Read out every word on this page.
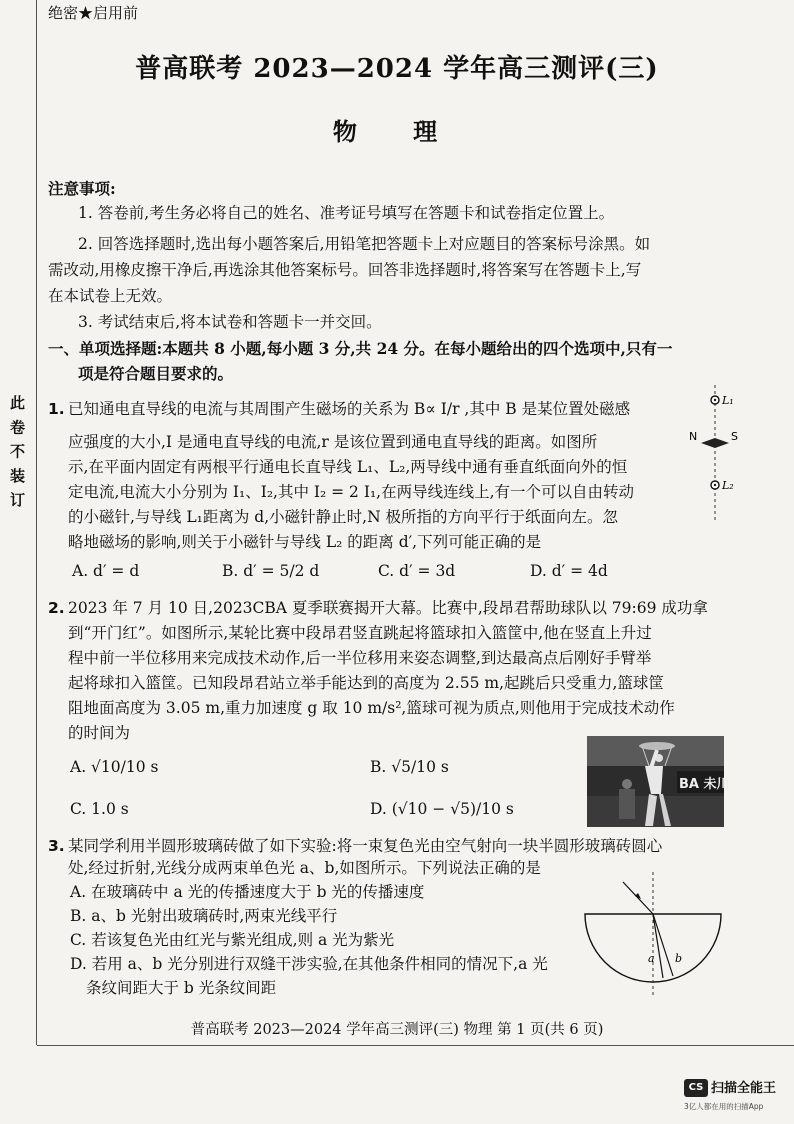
此 卷 不 装 订
绝密★启用前
普高联考 2023—2024 学年高三测评(三)
物 理
注意事项:
1. 答卷前,考生务必将自己的姓名、准考证号填写在答题卡和试卷指定位置上。
2. 回答选择题时,选出每小题答案后,用铅笔把答题卡上对应题目的答案标号涂黑。如
需改动,用橡皮擦干净后,再选涂其他答案标号。回答非选择题时,将答案写在答题卡上,写
在本试卷上无效。
3. 考试结束后,将本试卷和答题卡一并交回。
一、单项选择题:本题共 8 小题,每小题 3 分,共 24 分。在每小题给出的四个选项中,只有一
项是符合题目要求的。
1. 已知通电直导线的电流与其周围产生磁场的关系为 B∝ I/r ,其中 B 是某位置处磁感
应强度的大小,I 是通电直导线的电流,r 是该位置到通电直导线的距离。如图所
示,在平面内固定有两根平行通电长直导线 L₁、L₂,两导线中通有垂直纸面向外的恒
定电流,电流大小分别为 I₁、I₂,其中 I₂ = 2 I₁,在两导线连线上,有一个可以自由转动
的小磁针,与导线 L₁距离为 d,小磁针静止时,N 极所指的方向平行于纸面向左。忽
略地磁场的影响,则关于小磁针与导线 L₂ 的距离 d′,下列可能正确的是
A. d′ = d	B. d′ = 5/2 d	C. d′ = 3d	D. d′ = 4d
L₁
L₂
N	S
2. 2023 年 7 月 10 日,2023CBA 夏季联赛揭开大幕。比赛中,段昂君帮助球队以 79:69 成功拿
到“开门红”。如图所示,某轮比赛中段昂君竖直跳起将篮球扣入篮筐中,他在竖直上升过
程中前一半位移用来完成技术动作,后一半位移用来姿态调整,到达最高点后刚好手臂举
起将球扣入篮筐。已知段昂君站立举手能达到的高度为 2.55 m,起跳后只受重力,篮球筐
阻地面高度为 3.05 m,重力加速度 g 取 10 m/s²,篮球可视为质点,则他用于完成技术动作
的时间为
A. √10/10 s	B. √5/10 s
C. 1.0 s	D. (√10 − √5)/10 s
BA 未川
3. 某同学利用半圆形玻璃砖做了如下实验:将一束复色光由空气射向一块半圆形玻璃砖圆心
处,经过折射,光线分成两束单色光 a、b,如图所示。下列说法正确的是
A. 在玻璃砖中 a 光的传播速度大于 b 光的传播速度
B. a、b 光射出玻璃砖时,两束光线平行
C. 若该复色光由红光与紫光组成,则 a 光为紫光
D. 若用 a、b 光分别进行双缝干涉实验,在其他条件相同的情况下,a 光
条纹间距大于 b 光条纹间距
a b
普高联考 2023—2024 学年高三测评(三) 物理 第 1 页(共 6 页)
CS 扫描全能王
3亿人都在用的扫描App
